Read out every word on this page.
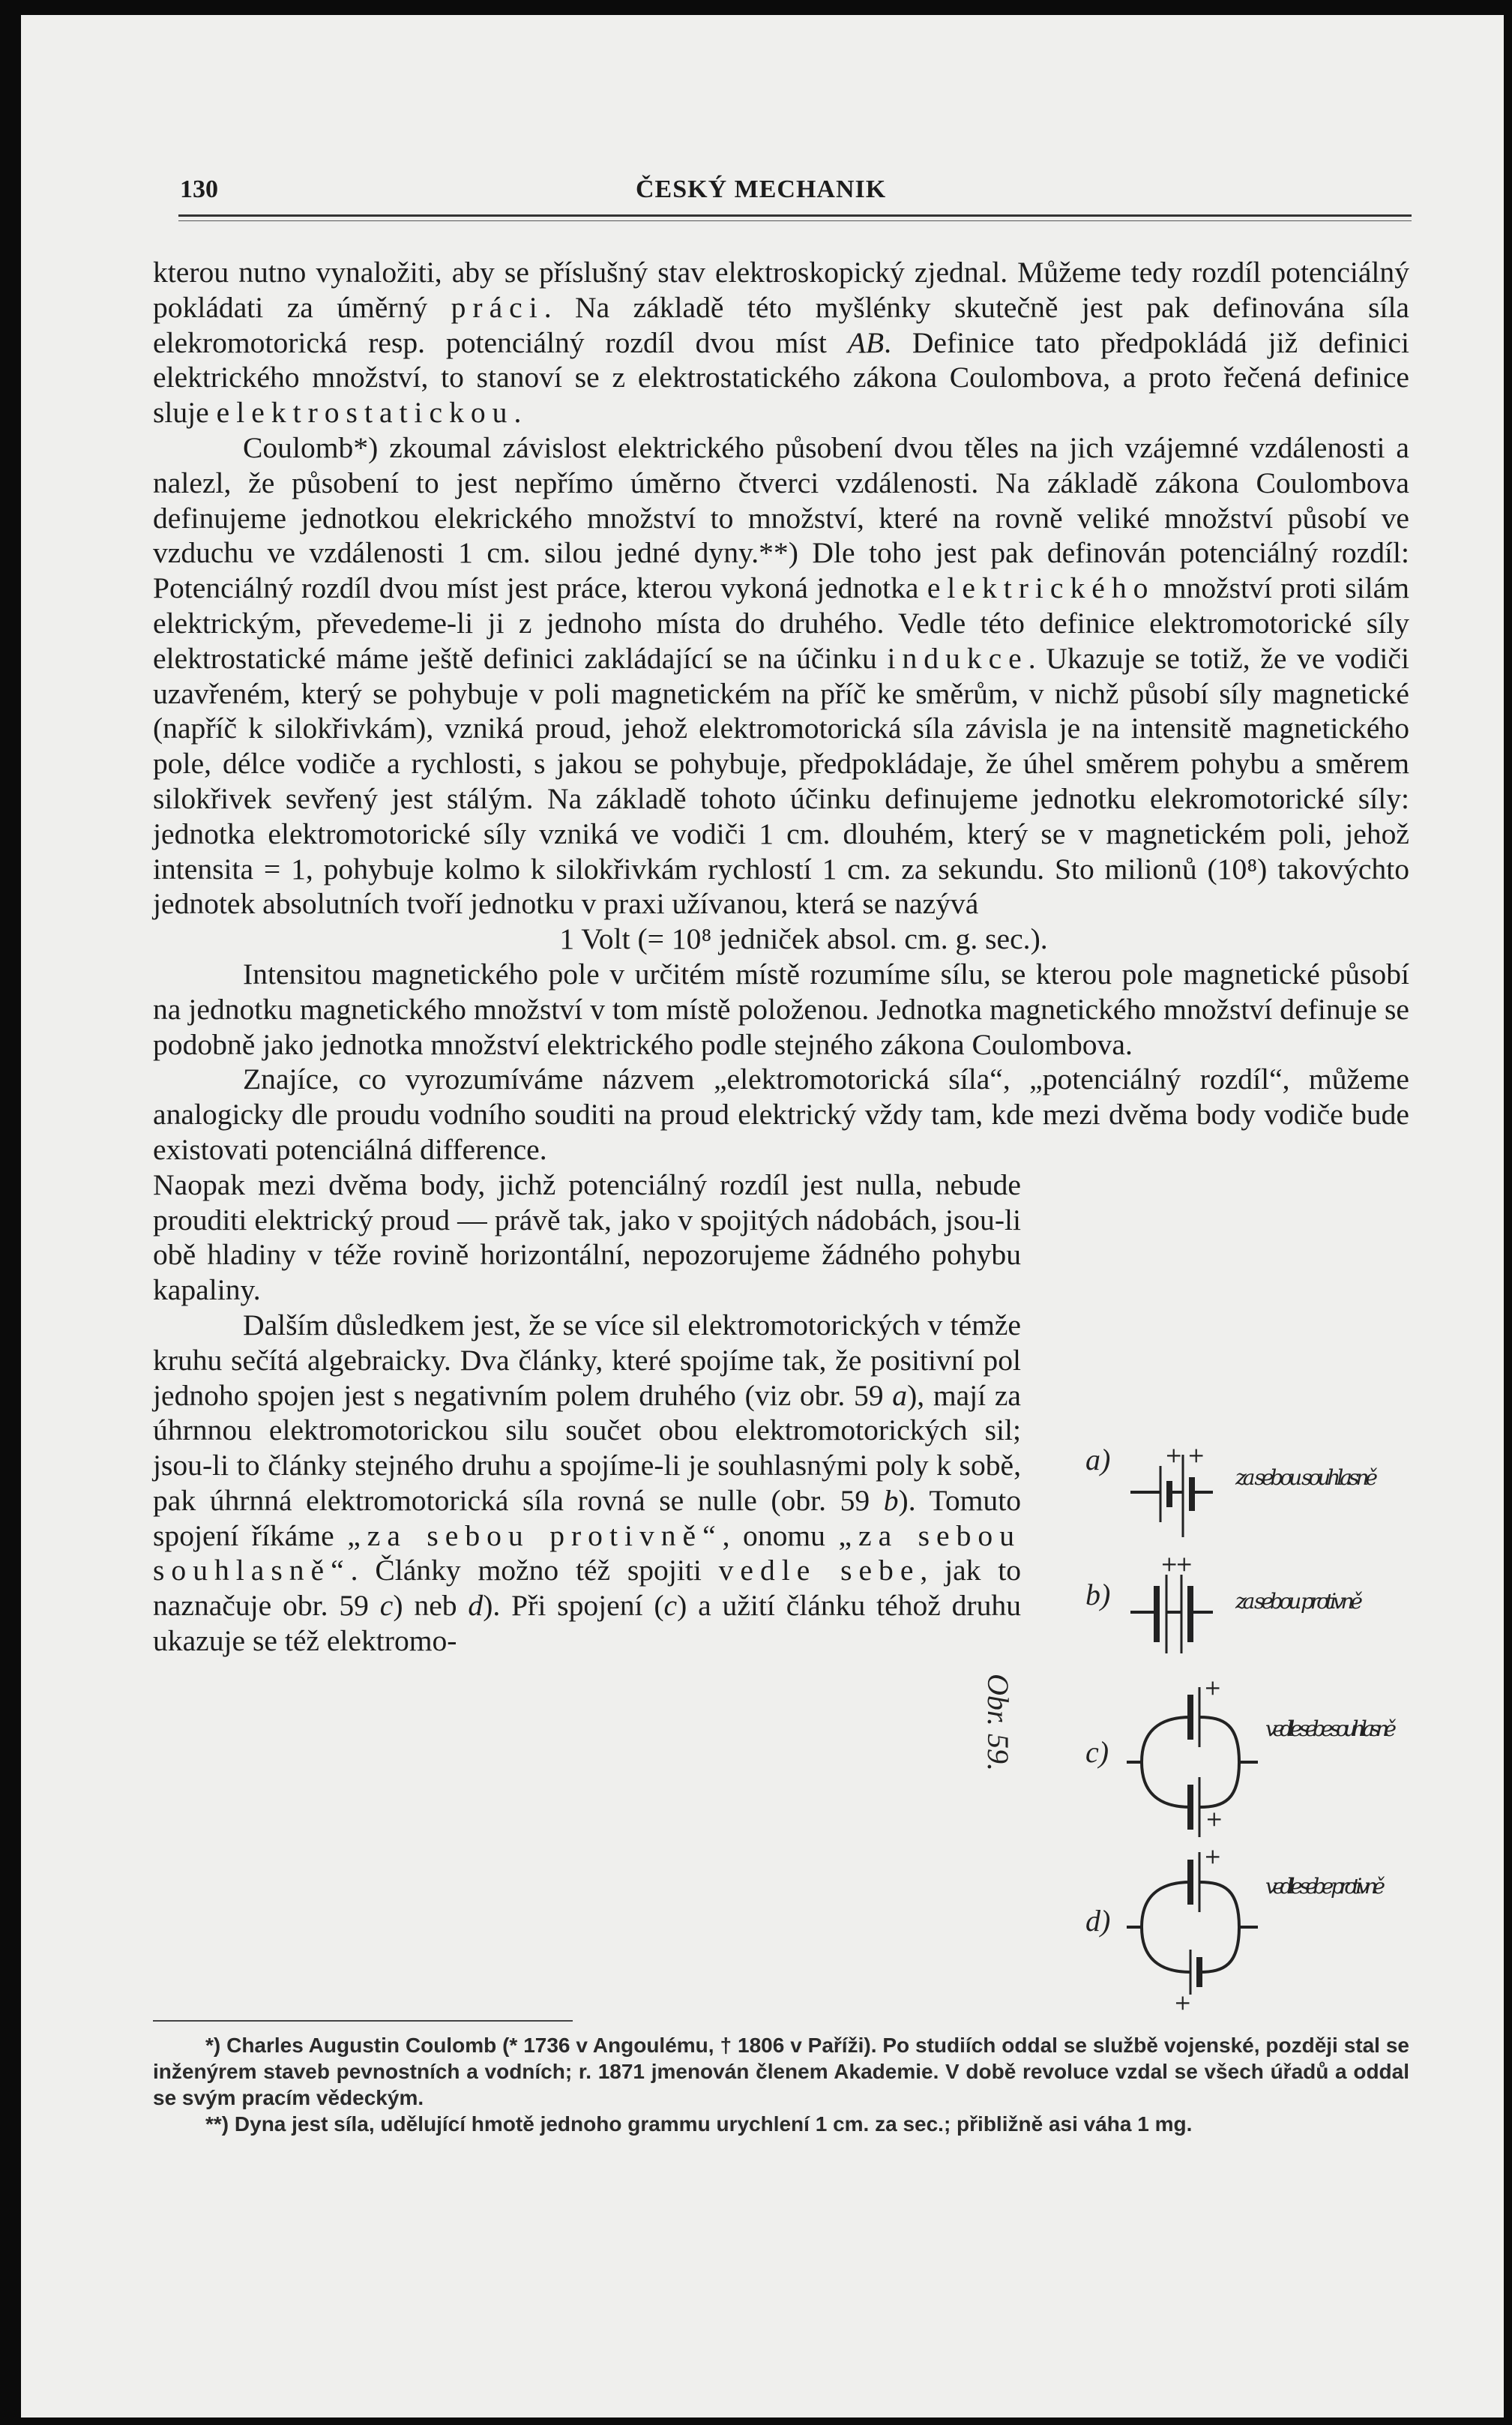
130	ČESKÝ MECHANIK

kterou nutno vynaložiti, aby se příslušný stav elektroskopický zjednal. Můžeme tedy rozdíl potenciálný pokládati za úměrný práci. Na základě této myšlénky skutečně jest pak definována síla elekromotorická resp. potenciálný rozdíl dvou míst AB. Definice tato předpokládá již definici elektrického množství, to stanoví se z elektrostatického zákona Coulombova, a proto řečená definice sluje elektrostatickou.

Coulomb*) zkoumal závislost elektrického působení dvou těles na jich vzájemné vzdálenosti a nalezl, že působení to jest nepřímo úměrno čtverci vzdálenosti. Na základě zákona Coulombova definujeme jednotkou elekrického množství to množství, které na rovně veliké množství působí ve vzduchu ve vzdálenosti 1 cm. silou jedné dyny.**) Dle toho jest pak definován potenciálný rozdíl: Potenciálný rozdíl dvou míst jest práce, kterou vykoná jednotka elektrického množství proti silám elektrickým, převedeme-li ji z jednoho místa do druhého. Vedle této definice elektromotorické síly elektrostatické máme ještě definici zakládající se na účinku indukce. Ukazuje se totiž, že ve vodiči uzavřeném, který se pohybuje v poli magnetickém na příč ke směrům, v nichž působí síly magnetické (napříč k silokřivkám), vzniká proud, jehož elektromotorická síla závisla je na intensitě magnetického pole, délce vodiče a rychlosti, s jakou se pohybuje, předpokládaje, že úhel směrem pohybu a směrem silokřivek sevřený jest stálým. Na základě tohoto účinku definujeme jednotku elekromotorické síly: jednotka elektromotorické síly vzniká ve vodiči 1 cm. dlouhém, který se v magnetickém poli, jehož intensita = 1, pohybuje kolmo k silokřivkám rychlostí 1 cm. za sekundu. Sto milionů (10⁸) takovýchto jednotek absolutních tvoří jednotku v praxi užívanou, která se nazývá

1 Volt (= 10⁸ jedniček absol. cm. g. sec.).

Intensitou magnetického pole v určitém místě rozumíme sílu, se kterou pole magnetické působí na jednotku magnetického množství v tom místě položenou. Jednotka magnetického množství definuje se podobně jako jednotka množství elektrického podle stejného zákona Coulombova.

Znajíce, co vyrozumíváme názvem „elektromotorická síla“, „potenciálný rozdíl“, můžeme analogicky dle proudu vodního souditi na proud elektrický vždy tam, kde mezi dvěma body vodiče bude existovati potenciálná difference.

Naopak mezi dvěma body, jichž potenciálný rozdíl jest nulla, nebude prouditi elektrický proud — právě tak, jako v spojitých nádobách, jsou-li obě hladiny v téže rovině horizontální, nepozorujeme žádného pohybu kapaliny.

Dalším důsledkem jest, že se více sil elektromotorických v témže kruhu sečítá algebraicky. Dva články, které spojíme tak, že positivní pol jednoho spojen jest s negativním polem druhého (viz obr. 59 a), mají za úhrnnou elektromotorickou silu součet obou elektromotorických sil; jsou-li to články stejného druhu a spojíme-li je souhlasnými poly k sobě, pak úhrnná elektromotorická síla rovná se nulle (obr. 59 b). Tomuto spojení říkáme „za sebou protivně“, onomu „za sebou souhlasně“. Články možno též spojiti vedle sebe, jak to naznačuje obr. 59 c) neb d). Při spojení (c) a užití článku téhož druhu ukazuje se též elektromo-

Obr. 59.
a)	+ +
za sebou souhlasně
b)
+
+
za sebou protivně
c)
+
+
vedle sebe souhlasně
d)
+
+
vedle sebe protivně

*) Charles Augustin Coulomb (* 1736 v Angoulému, † 1806 v Paříži). Po studiích oddal se službě vojenské, později stal se inženýrem staveb pevnostních a vodních; r. 1871 jmenován členem Akademie. V době revoluce vzdal se všech úřadů a oddal se svým pracím vědeckým.

**) Dyna jest síla, udělující hmotě jednoho grammu urychlení 1 cm. za sec.; přibližně asi váha 1 mg.
